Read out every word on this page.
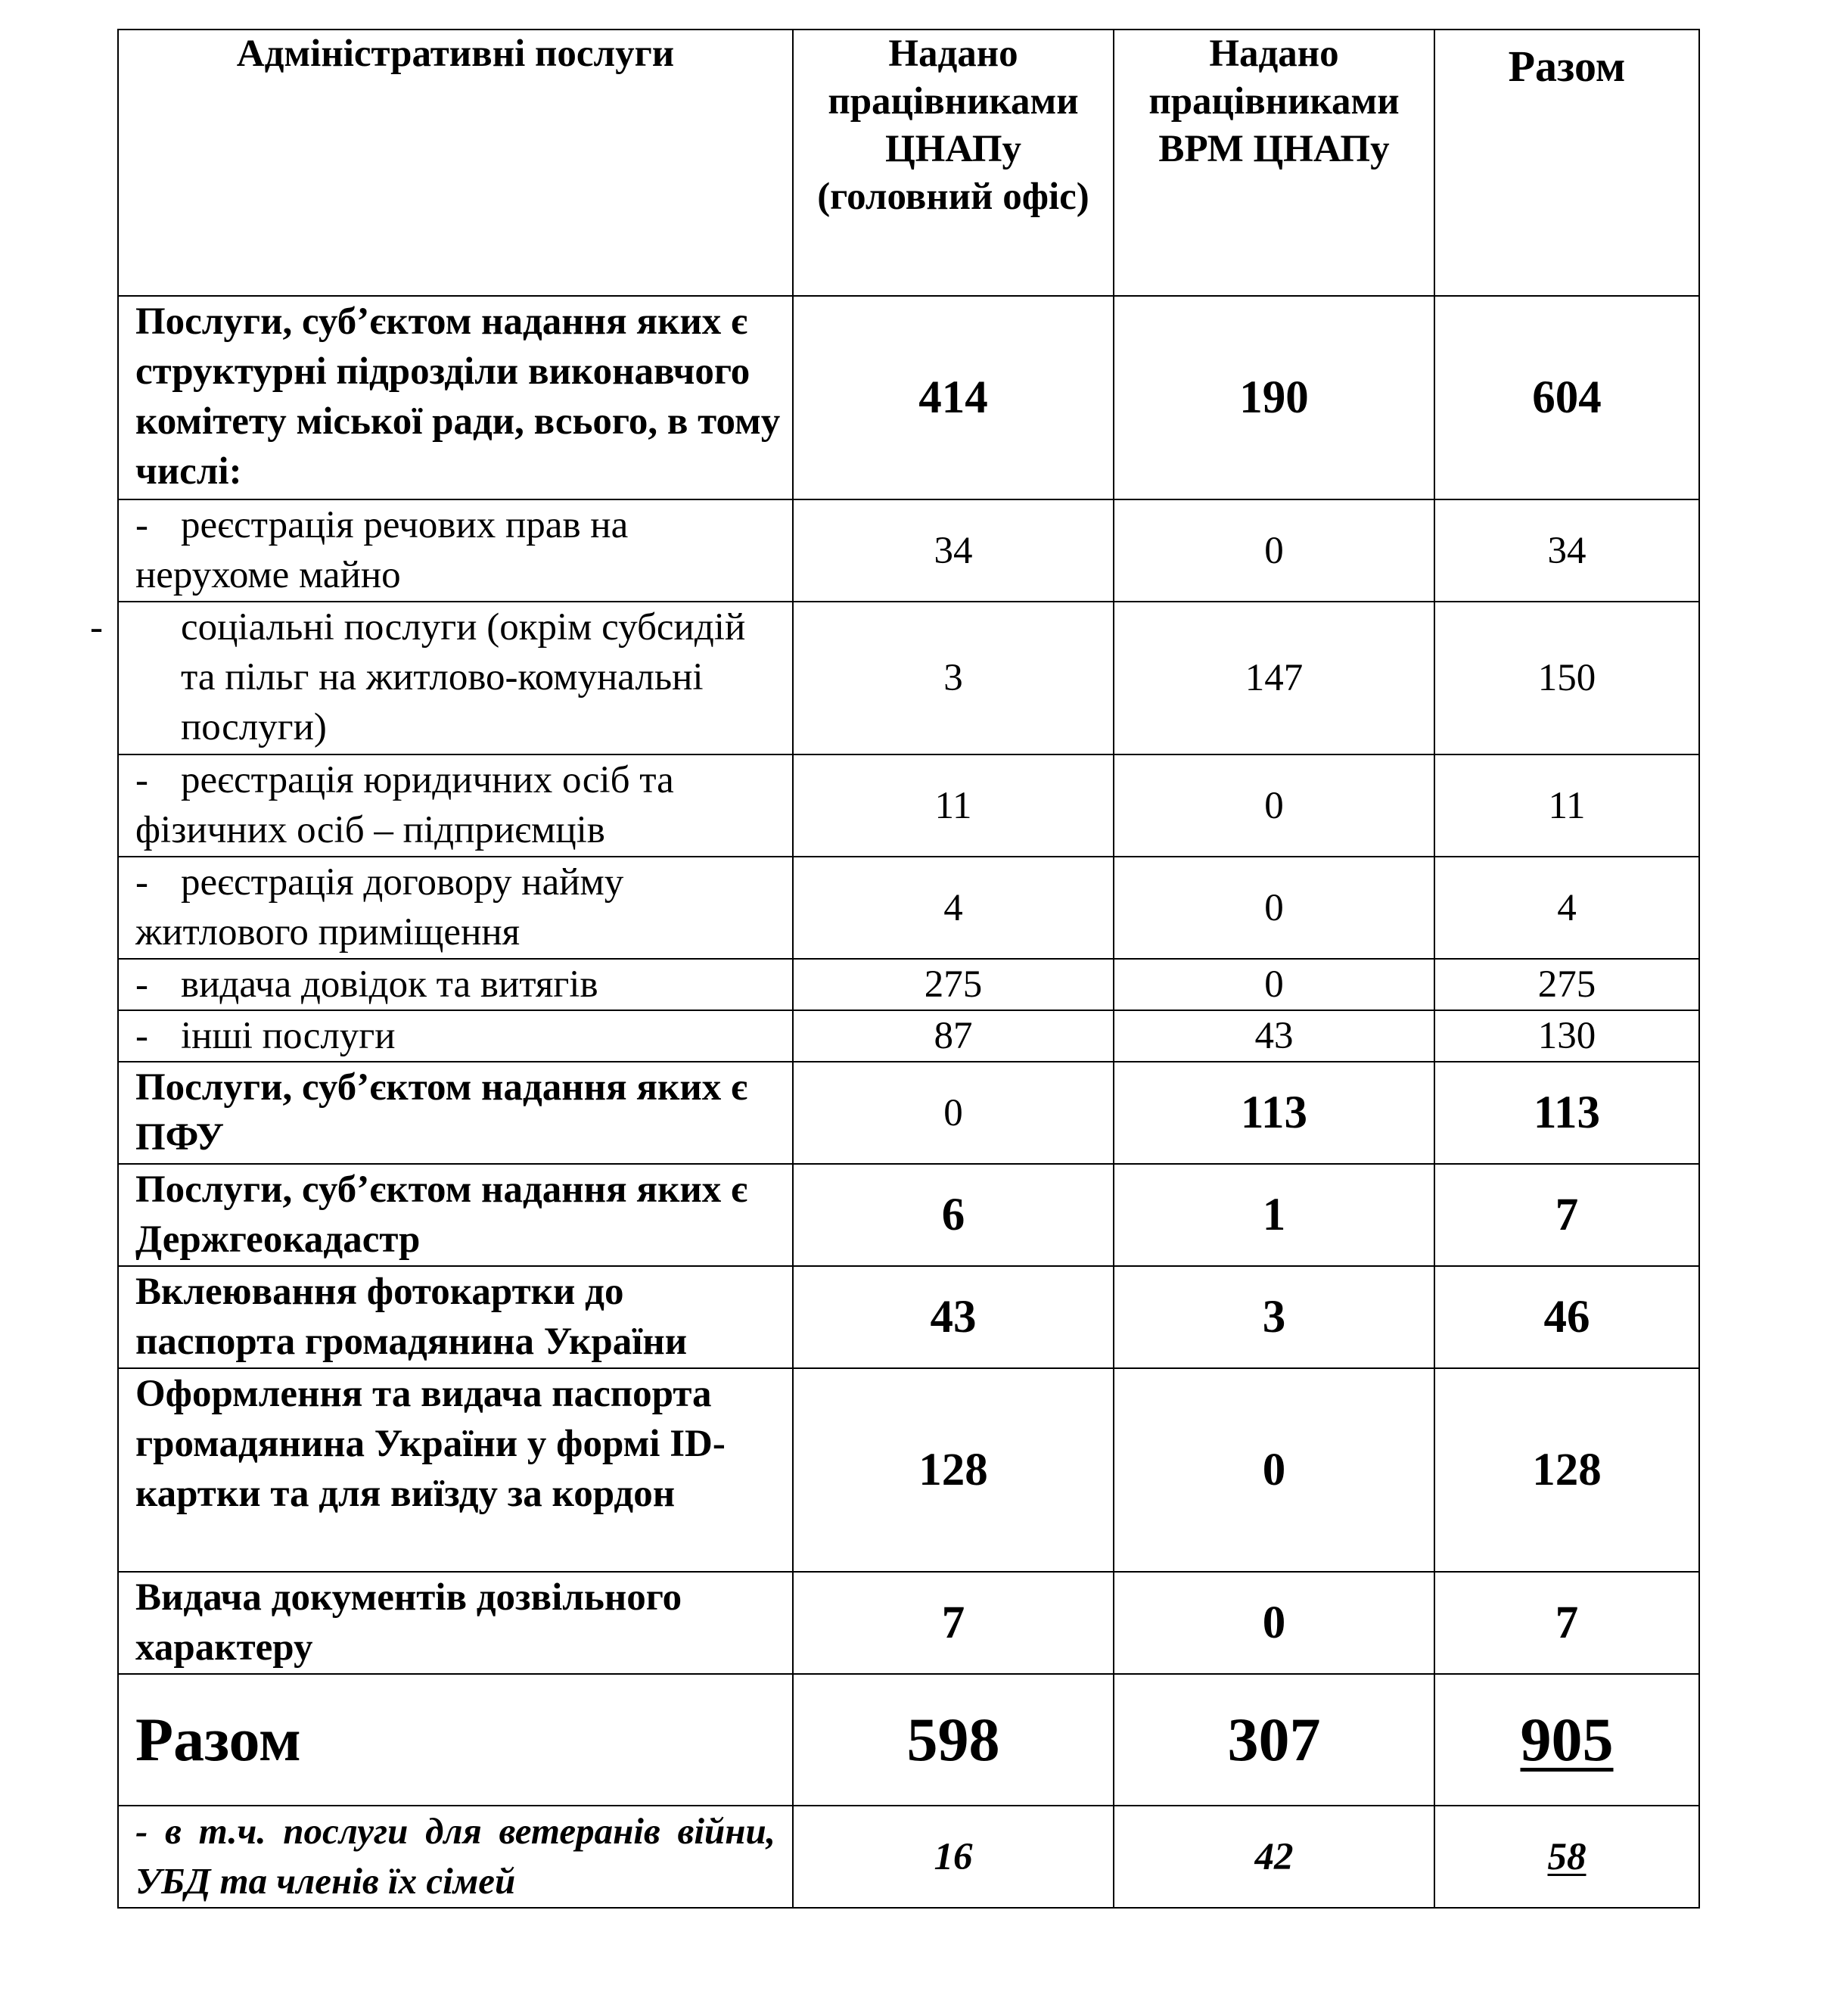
Адміністративні послуги	Надано працівниками ЦНАПу (головний офіс)	Надано працівниками ВРМ ЦНАПу	Разом
Послуги, суб’єктом надання яких є структурні підрозділи виконавчого комітету міської ради, всього, в тому числі:	414	190	604
- реєстрація речових прав на нерухоме майно	34	0	34

- соціальні послуги (окрім субсидій та пільг на житлово-комунальні послуги)	3	147	150
- реєстрація юридичних осіб та фізичних осіб – підприємців	11	0	11
- реєстрація договору найму житлового приміщення	4	0	4
- видача довідок та витягів	275	0	275
- інші послуги	87	43	130
Послуги, суб’єктом надання яких є ПФУ	0	113	113
Послуги, суб’єктом надання яких є Держгеокадастр	6	1	7
Вклеювання фотокартки до паспорта громадянина України	43	3	46
Оформлення та видача паспорта громадянина України у формі ID-картки та для виїзду за кордон	128	0	128
Видача документів дозвільного характеру	7	0	7
Разом	598	307	905
- в т.ч. послуги для ветеранів війни, УБД та членів їх сімей	16	42	58
